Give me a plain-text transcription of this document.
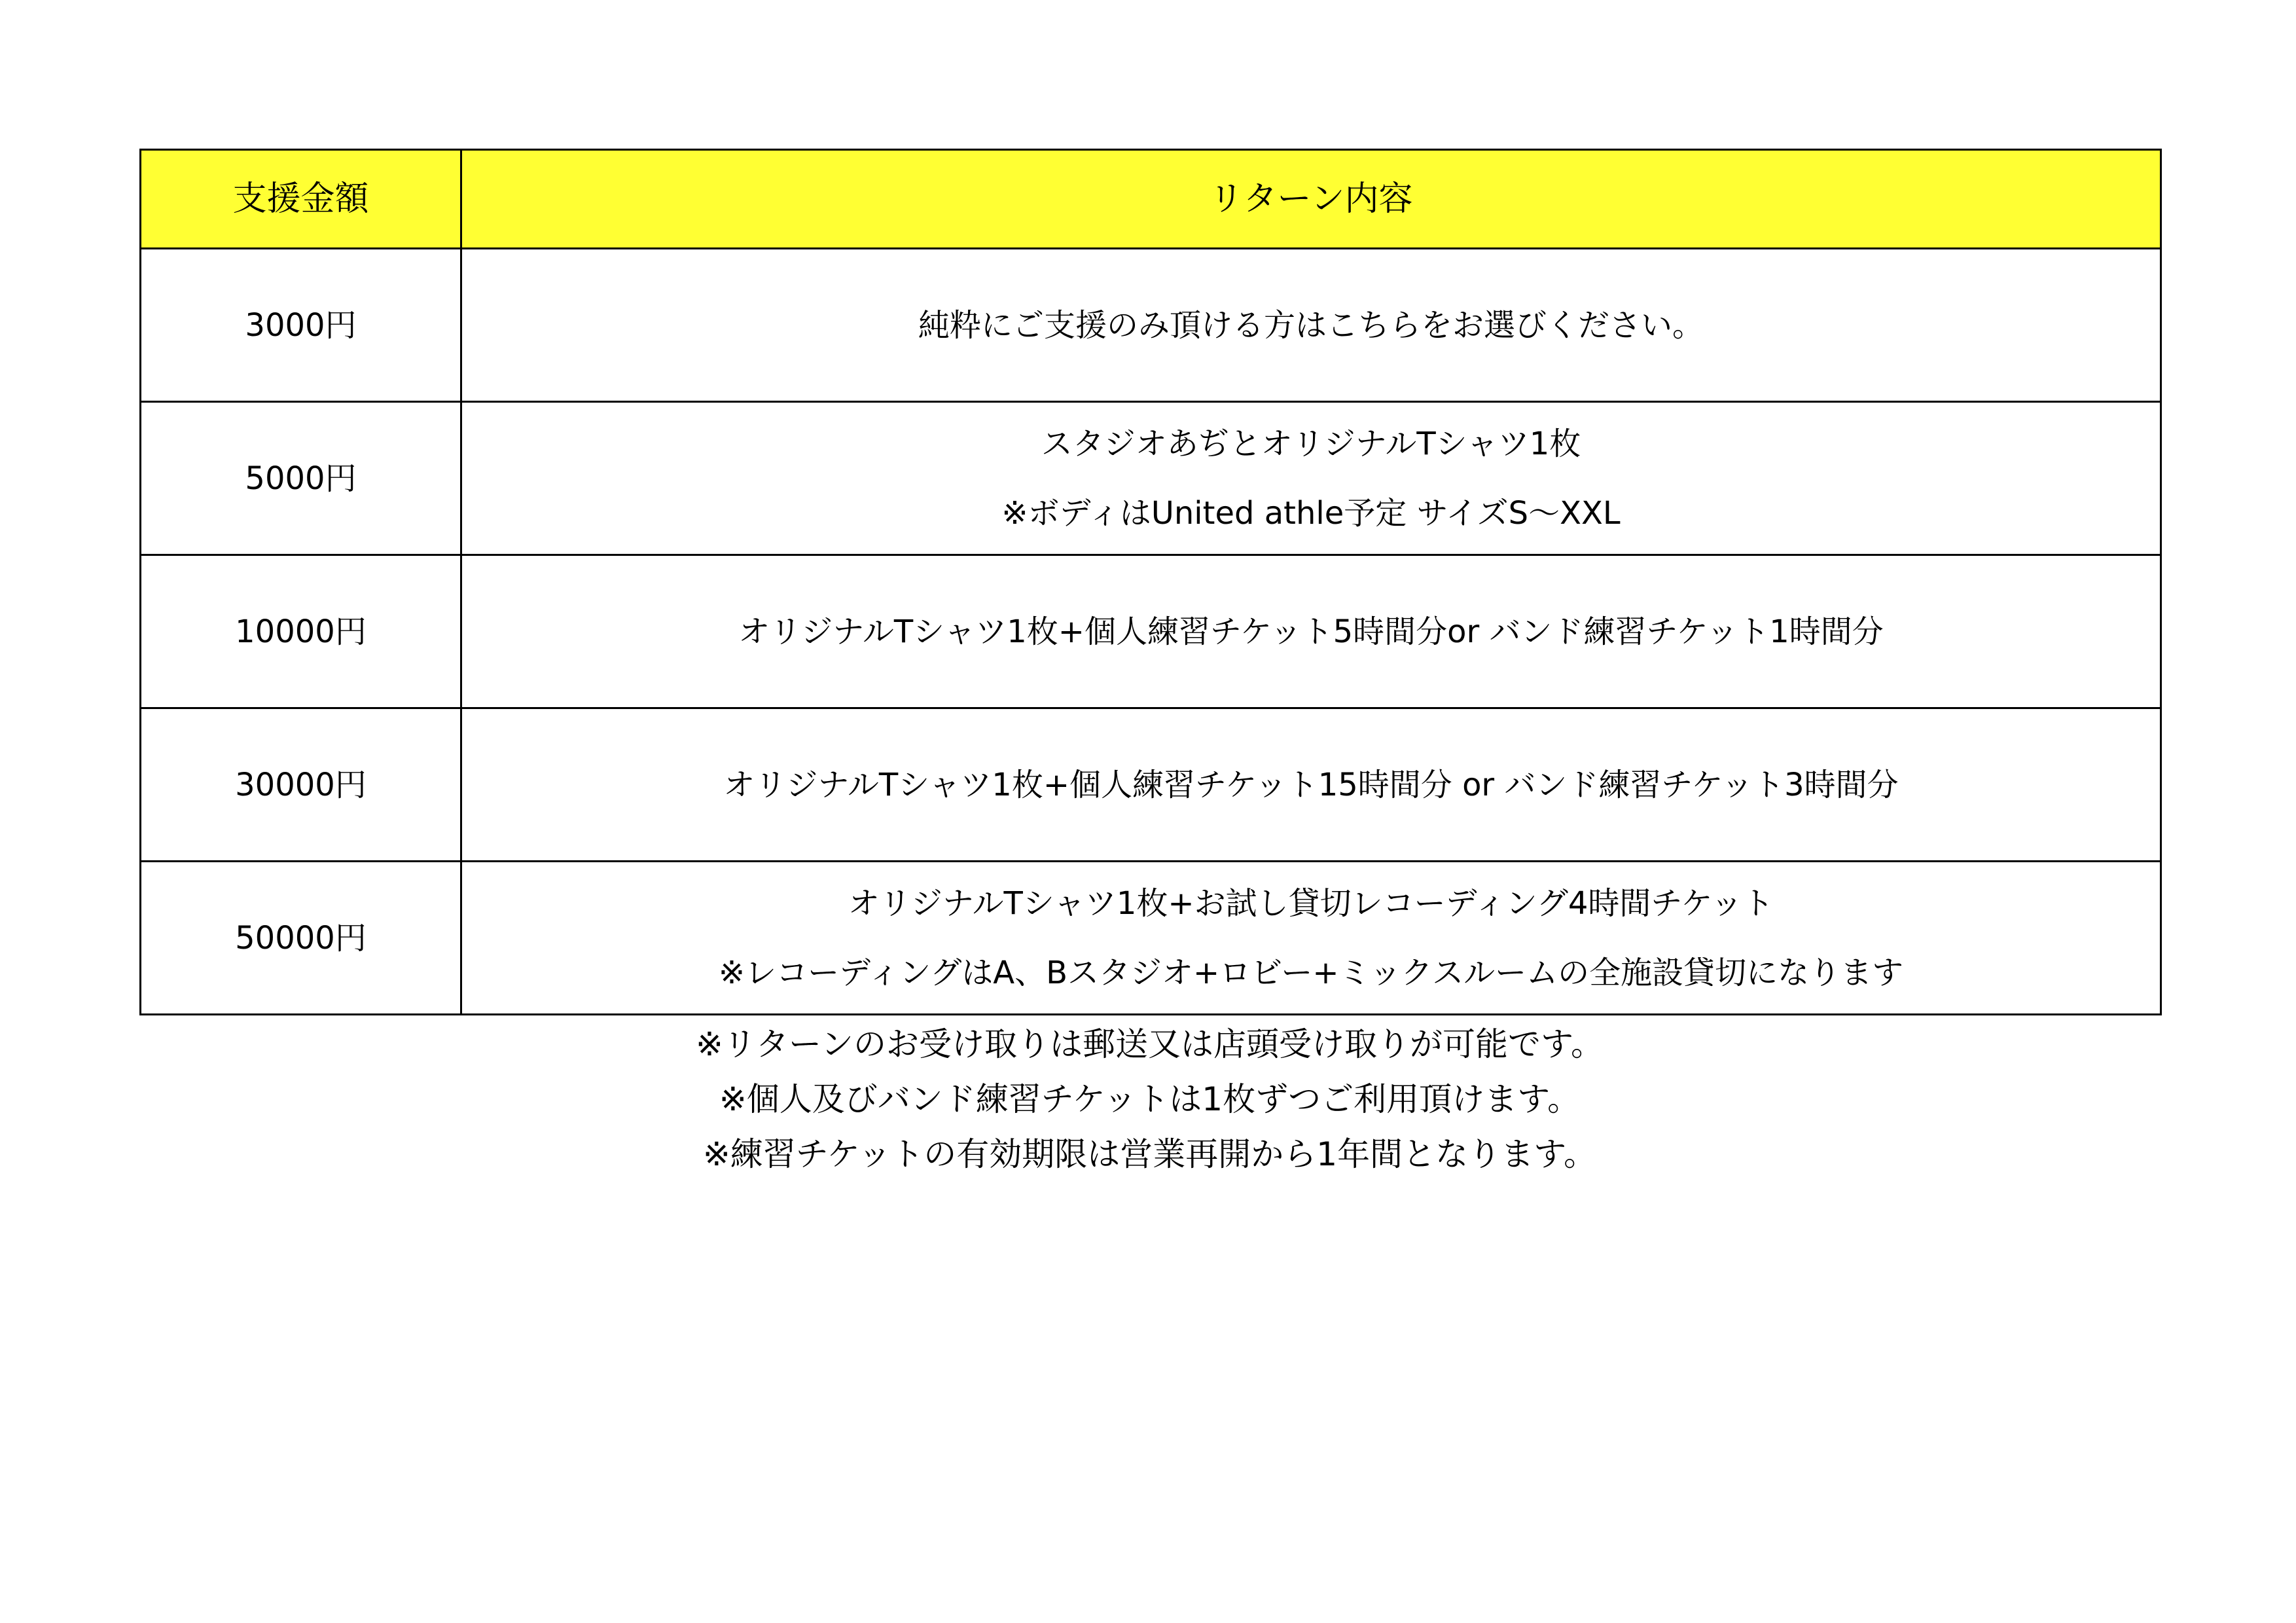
支援金額	リターン内容
3000円	純粋にご支援のみ頂ける方はこちらをお選びください。

5000円	スタジオあぢとオリジナルTシャツ1枚
※ボディはUnited athle予定 サイズS～XXL

10000円	オリジナルTシャツ1枚+個人練習チケット5時間分or バンド練習チケット1時間分

30000円	オリジナルTシャツ1枚+個人練習チケット15時間分 or バンド練習チケット3時間分

50000円	オリジナルTシャツ1枚+お試し貸切レコーディング4時間チケット
※レコーディングはA、Bスタジオ+ロビー+ミックスルームの全施設貸切になります
※リターンのお受け取りは郵送又は店頭受け取りが可能です。
※個人及びバンド練習チケットは1枚ずつご利用頂けます。
※練習チケットの有効期限は営業再開から1年間となります。
